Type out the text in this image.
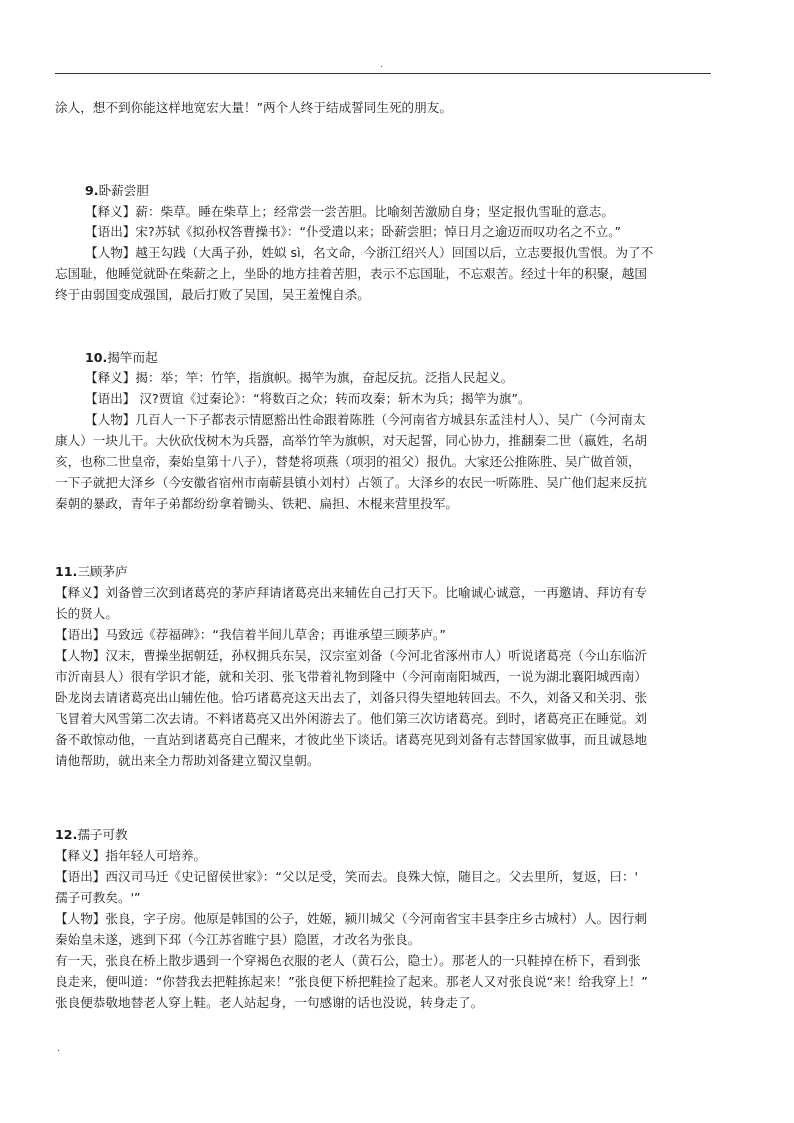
.
涂人，想不到你能这样地宽宏大量！”两个人终于结成誓同生死的朋友。
9.卧薪尝胆
【释义】薪：柴草。睡在柴草上；经常尝一尝苦胆。比喻刻苦激励自身；坚定报仇雪耻的意志。
【语出】宋?苏轼《拟孙权答曹操书》：“仆受遣以来；卧薪尝胆；悼日月之逾迈而叹功名之不立。”
【人物】越王勾践（大禹子孙，姓姒 sì，名文命，今浙江绍兴人）回国以后，立志要报仇雪恨。为了不
忘国耻，他睡觉就卧在柴薪之上，坐卧的地方挂着苦胆，表示不忘国耻，不忘艰苦。经过十年的积聚，越国
终于由弱国变成强国，最后打败了吴国，吴王羞愧自杀。
10.揭竿而起
【释义】揭：举；竿：竹竿，指旗帜。揭竿为旗，奋起反抗。泛指人民起义。
【语出】 汉?贾谊《过秦论》：“将数百之众；转而攻秦；斩木为兵；揭竿为旗”。
【人物】几百人一下子都表示情愿豁出性命跟着陈胜（今河南省方城县东孟洼村人）、吴广（今河南太
康人）一块儿干。大伙砍伐树木为兵器，高举竹竿为旗帜，对天起誓，同心协力，推翻秦二世（嬴姓，名胡
亥，也称二世皇帝，秦始皇第十八子），替楚将项燕（项羽的祖父）报仇。大家还公推陈胜、吴广做首领，
一下子就把大泽乡（今安徽省宿州市南蕲县镇小刘村）占领了。大泽乡的农民一听陈胜、吴广他们起来反抗
秦朝的暴政，青年子弟都纷纷拿着锄头、铁耙、扁担、木棍来营里投军。
11.三顾茅庐
【释义】刘备曾三次到诸葛亮的茅庐拜请诸葛亮出来辅佐自己打天下。比喻诚心诚意，一再邀请、拜访有专
长的贤人。
【语出】马致远《荐福碑》：“我信着半间儿草舍；再谁承望三顾茅庐。”
【人物】汉末，曹操坐据朝廷，孙权拥兵东吴，汉宗室刘备（今河北省涿州市人）听说诸葛亮（今山东临沂
市沂南县人）很有学识才能，就和关羽、张飞带着礼物到隆中（今河南南阳城西，一说为湖北襄阳城西南）
卧龙岗去请诸葛亮出山辅佐他。恰巧诸葛亮这天出去了，刘备只得失望地转回去。不久，刘备又和关羽、张
飞冒着大风雪第二次去请。不料诸葛亮又出外闲游去了。他们第三次访诸葛亮。到时，诸葛亮正在睡觉。刘
备不敢惊动他，一直站到诸葛亮自己醒来，才彼此坐下谈话。诸葛亮见到刘备有志替国家做事，而且诚恳地
请他帮助，就出来全力帮助刘备建立蜀汉皇朝。
12.孺子可教
【释义】指年轻人可培养。
【语出】西汉司马迁《史记留侯世家》：“父以足受，笑而去。良殊大惊，随目之。父去里所，复返，曰：'
孺子可教矣。'”
【人物】张良，字子房。他原是韩国的公子，姓姬，颍川城父（今河南省宝丰县李庄乡古城村）人。因行刺
秦始皇未遂，逃到下邳（今江苏省睢宁县）隐匿，才改名为张良。
有一天，张良在桥上散步遇到一个穿褐色衣服的老人（黄石公，隐士）。那老人的一只鞋掉在桥下，看到张
良走来，便叫道：“你替我去把鞋拣起来！”张良便下桥把鞋捡了起来。那老人又对张良说“来！给我穿上！”
张良便恭敬地替老人穿上鞋。老人站起身，一句感谢的话也没说，转身走了。
.
